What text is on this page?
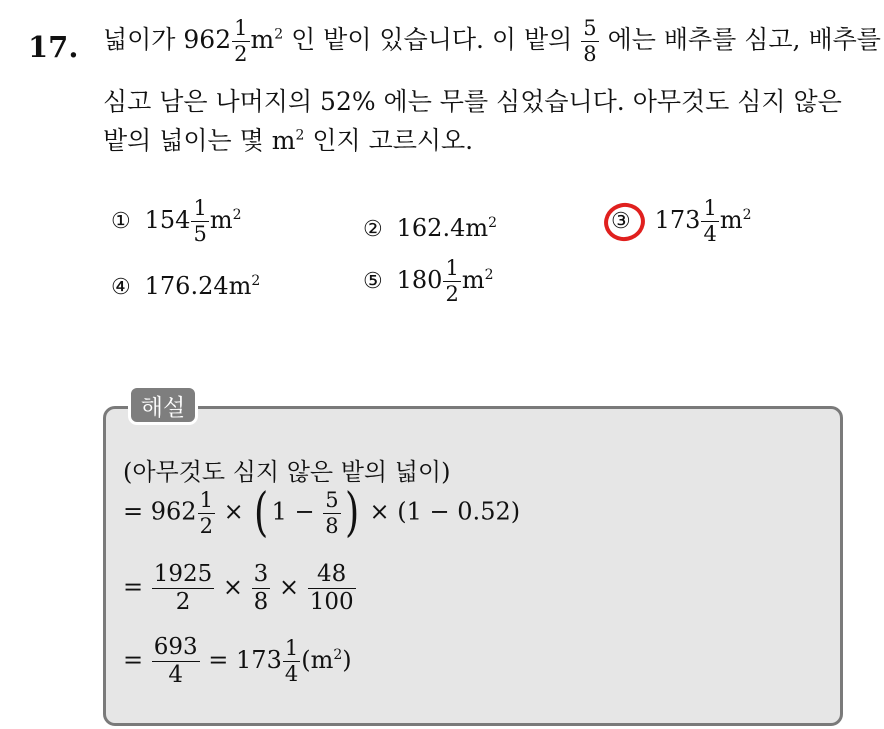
17. 넓이가 $962 \frac{1}{2} m^2$ 인 밭이 있습니다. 이 밭의 $\frac{5}{8}$ 에는 배추를 심고, 배추를
심고 남은 나머지의 52% 에는 무를 심었습니다. 아무것도 심지 않은
밭의 넓이는 몇 $m^2$ 인지 고르시오.
① $154 \frac{1}{5} m^2$
② $162.4m^2$	③ $173 \frac{1}{4} m^2$
④ $176.24m^2$	⑤ $180 \frac{1}{2} m^2$
해설
(아무것도 심지 않은 밭의 넓이)
= $962 \frac{1}{2}$ × ( $1 - \frac{5}{8}$ ) × (1 − 0.52)
= $\frac{1925}{2} \times \frac{3}{8} \times \frac{48}{100}$
= $\frac{693}{4} = 173 \frac{1}{4} (m^2)$
